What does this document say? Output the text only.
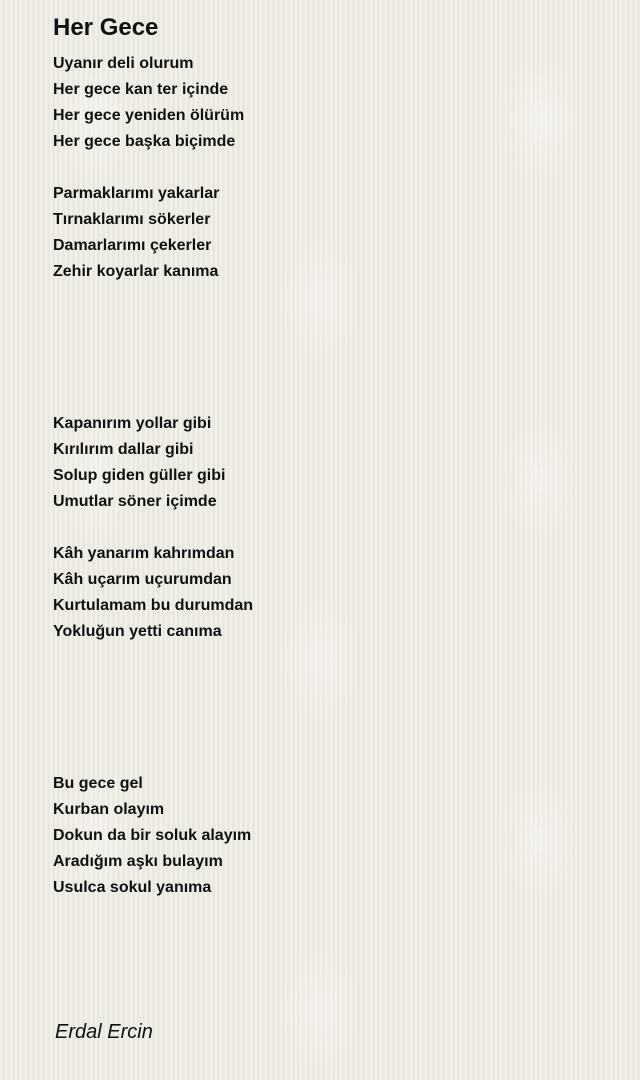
Her Gece
Uyanır deli olurum
Her gece kan ter içinde
Her gece yeniden ölürüm
Her gece başka biçimde
Parmaklarımı yakarlar
Tırnaklarımı sökerler
Damarlarımı çekerler
Zehir koyarlar kanıma
Kapanırım yollar gibi
Kırılırım dallar gibi
Solup giden güller gibi
Umutlar söner içimde
Kâh yanarım kahrımdan
Kâh uçarım uçurumdan
Kurtulamam bu durumdan
Yokluğun yetti canıma
Bu gece gel
Kurban olayım
Dokun da bir soluk alayım
Aradığım aşkı bulayım
Usulca sokul yanıma
Erdal Ercin
